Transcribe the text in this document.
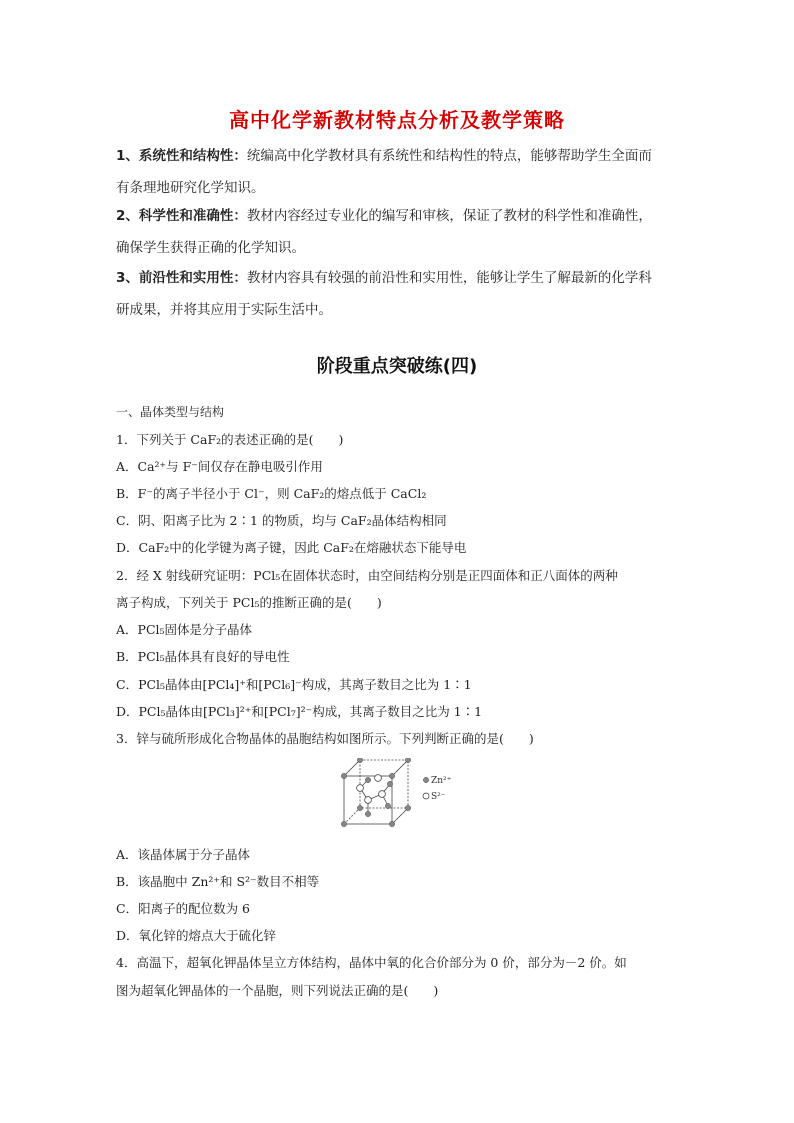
高中化学新教材特点分析及教学策略
1、系统性和结构性：统编高中化学教材具有系统性和结构性的特点，能够帮助学生全面而
有条理地研究化学知识。
2、科学性和准确性：教材内容经过专业化的编写和审核，保证了教材的科学性和准确性，
确保学生获得正确的化学知识。
3、前沿性和实用性：教材内容具有较强的前沿性和实用性，能够让学生了解最新的化学科
研成果，并将其应用于实际生活中。
阶段重点突破练(四)
一、晶体类型与结构
1．下列关于 CaF₂的表述正确的是(　　)
A．Ca²⁺与 F⁻间仅存在静电吸引作用
B．F⁻的离子半径小于 Cl⁻，则 CaF₂的熔点低于 CaCl₂
C．阴、阳离子比为 2∶1 的物质，均与 CaF₂晶体结构相同
D．CaF₂中的化学键为离子键，因此 CaF₂在熔融状态下能导电
2．经 X 射线研究证明：PCl₅在固体状态时，由空间结构分别是正四面体和正八面体的两种
离子构成，下列关于 PCl₅的推断正确的是(　　)
A．PCl₅固体是分子晶体
B．PCl₅晶体具有良好的导电性
C．PCl₅晶体由[PCl₄]⁺和[PCl₆]⁻构成，其离子数目之比为 1∶1
D．PCl₅晶体由[PCl₃]²⁺和[PCl₇]²⁻构成，其离子数目之比为 1∶1
3．锌与硫所形成化合物晶体的晶胞结构如图所示。下列判断正确的是(　　)
Zn²⁺
S²⁻
A．该晶体属于分子晶体
B．该晶胞中 Zn²⁺和 S²⁻数目不相等
C．阳离子的配位数为 6
D．氧化锌的熔点大于硫化锌
4．高温下，超氧化钾晶体呈立方体结构，晶体中氧的化合价部分为 0 价，部分为－2 价。如
图为超氧化钾晶体的一个晶胞，则下列说法正确的是(　　)
